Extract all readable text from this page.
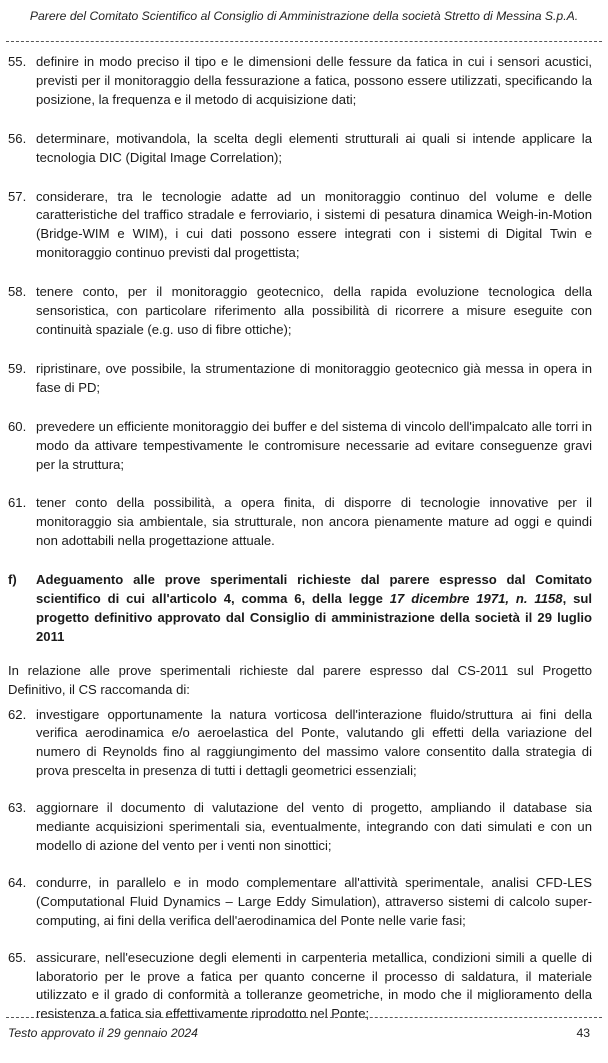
Parere del Comitato Scientifico al Consiglio di Amministrazione della società Stretto di Messina S.p.A.
55. definire in modo preciso il tipo e le dimensioni delle fessure da fatica in cui i sensori acustici, previsti per il monitoraggio della fessurazione a fatica, possono essere utilizzati, specificando la posizione, la frequenza e il metodo di acquisizione dati;
56. determinare, motivandola, la scelta degli elementi strutturali ai quali si intende applicare la tecnologia DIC (Digital Image Correlation);
57. considerare, tra le tecnologie adatte ad un monitoraggio continuo del volume e delle caratteristiche del traffico stradale e ferroviario, i sistemi di pesatura dinamica Weigh-in-Motion (Bridge-WIM e WIM), i cui dati possono essere integrati con i sistemi di Digital Twin e monitoraggio continuo previsti dal progettista;
58. tenere conto, per il monitoraggio geotecnico, della rapida evoluzione tecnologica della sensoristica, con particolare riferimento alla possibilità di ricorrere a misure eseguite con continuità spaziale (e.g. uso di fibre ottiche);
59. ripristinare, ove possibile, la strumentazione di monitoraggio geotecnico già messa in opera in fase di PD;
60. prevedere un efficiente monitoraggio dei buffer e del sistema di vincolo dell'impalcato alle torri in modo da attivare tempestivamente le contromisure necessarie ad evitare conseguenze gravi per la struttura;
61. tener conto della possibilità, a opera finita, di disporre di tecnologie innovative per il monitoraggio sia ambientale, sia strutturale, non ancora pienamente mature ad oggi e quindi non adottabili nella progettazione attuale.
f)	Adeguamento alle prove sperimentali richieste dal parere espresso dal Comitato scientifico di cui all'articolo 4, comma 6, della legge 17 dicembre 1971, n. 1158, sul progetto definitivo approvato dal Consiglio di amministrazione della società il 29 luglio 2011
In relazione alle prove sperimentali richieste dal parere espresso dal CS-2011 sul Progetto Definitivo, il CS raccomanda di:
62. investigare opportunamente la natura vorticosa dell'interazione fluido/struttura ai fini della verifica aerodinamica e/o aeroelastica del Ponte, valutando gli effetti della variazione del numero di Reynolds fino al raggiungimento del massimo valore consentito dalla strategia di prova prescelta in presenza di tutti i dettagli geometrici essenziali;
63. aggiornare il documento di valutazione del vento di progetto, ampliando il database sia mediante acquisizioni sperimentali sia, eventualmente, integrando con dati simulati e con un modello di azione del vento per i venti non sinottici;
64. condurre, in parallelo e in modo complementare all'attività sperimentale, analisi CFD-LES (Computational Fluid Dynamics – Large Eddy Simulation), attraverso sistemi di calcolo super-computing, ai fini della verifica dell'aerodinamica del Ponte nelle varie fasi;
65. assicurare, nell'esecuzione degli elementi in carpenteria metallica, condizioni simili a quelle di laboratorio per le prove a fatica per quanto concerne il processo di saldatura, il materiale utilizzato e il grado di conformità a tolleranze geometriche, in modo che il miglioramento della resistenza a fatica sia effettivamente riprodotto nel Ponte;
Testo approvato il 29 gennaio 2024	43
